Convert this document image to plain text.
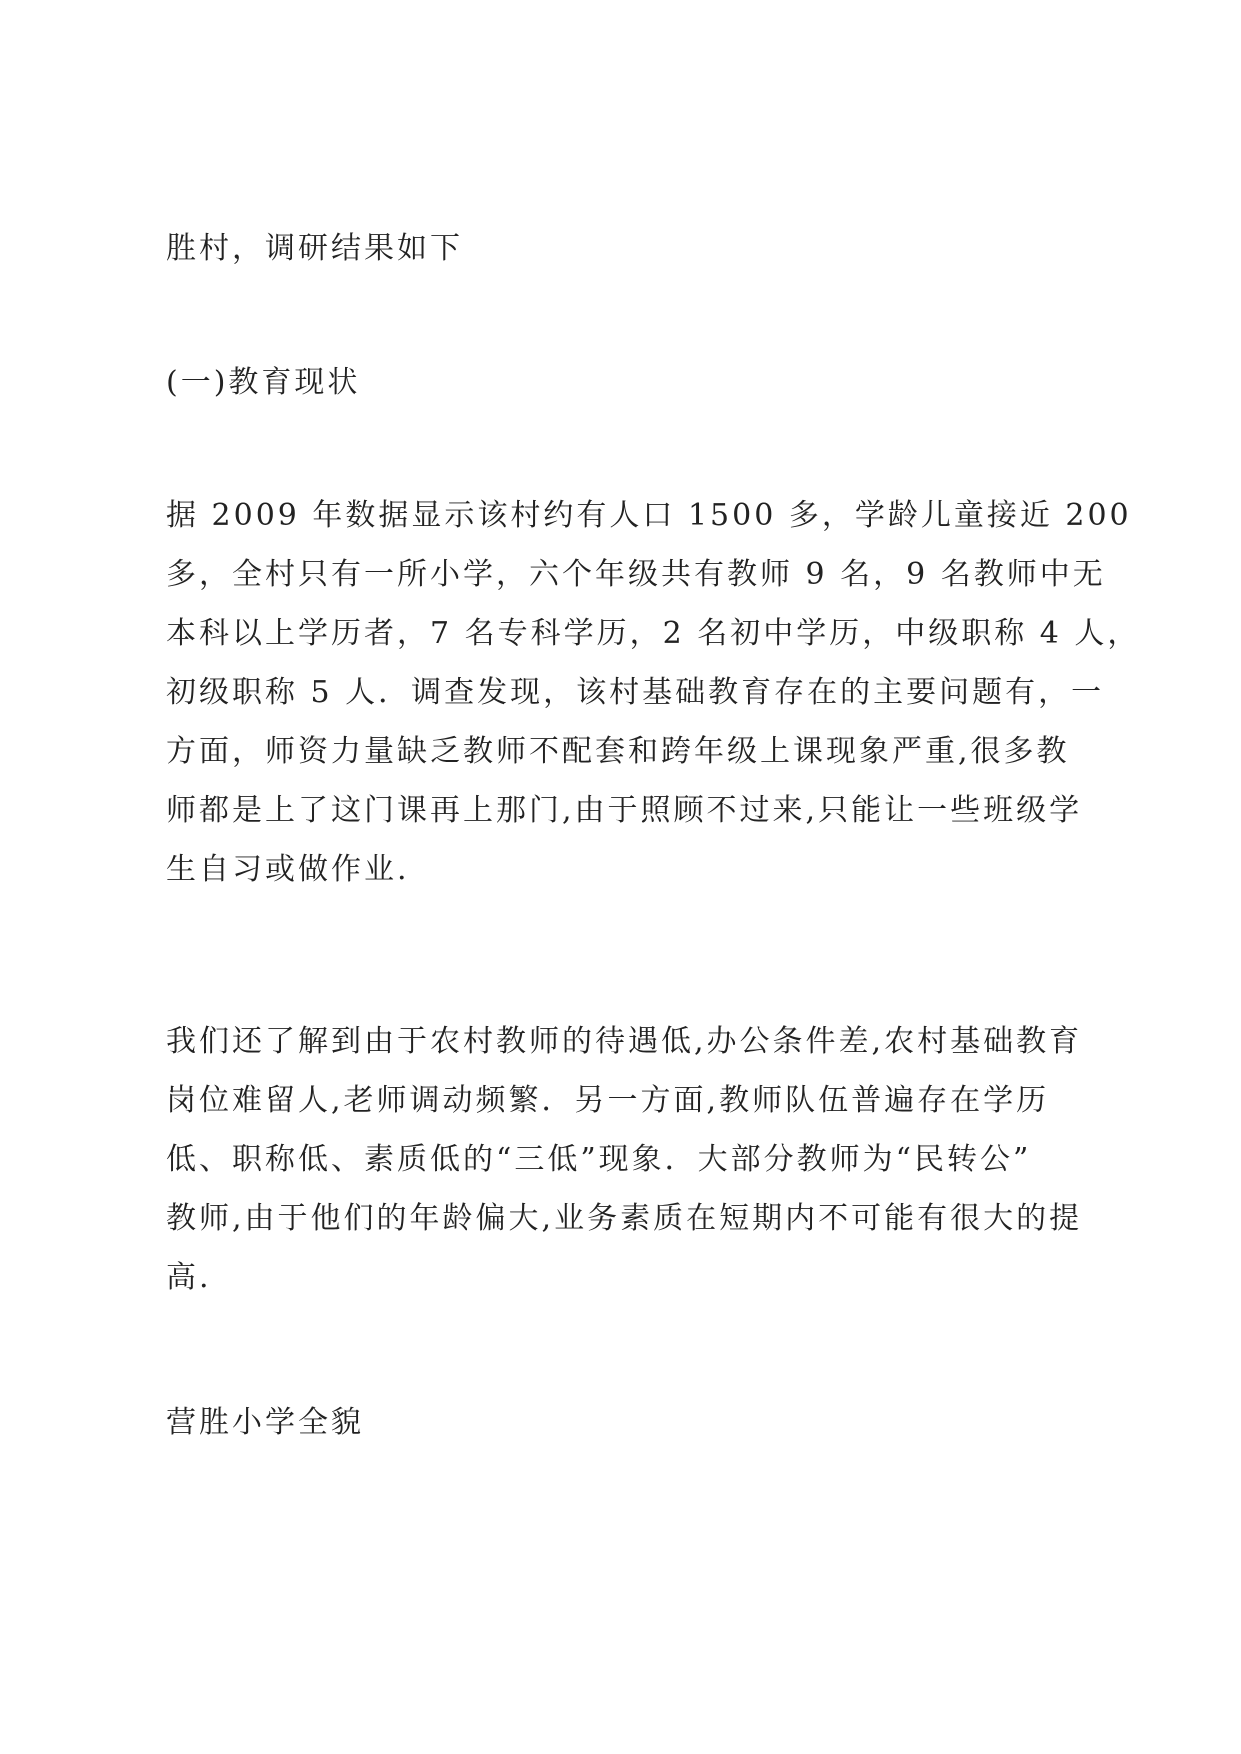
胜村，调研结果如下
(一)教育现状
据 2009 年数据显示该村约有人口 1500 多，学龄儿童接近 200
多，全村只有一所小学，六个年级共有教师 9 名，9 名教师中无
本科以上学历者，7 名专科学历，2 名初中学历，中级职称 4 人，
初级职称 5 人．调查发现，该村基础教育存在的主要问题有，一
方面，师资力量缺乏教师不配套和跨年级上课现象严重,很多教
师都是上了这门课再上那门,由于照顾不过来,只能让一些班级学
生自习或做作业.
我们还了解到由于农村教师的待遇低,办公条件差,农村基础教育
岗位难留人,老师调动频繁．另一方面,教师队伍普遍存在学历
低、职称低、素质低的“三低”现象．大部分教师为“民转公”
教师,由于他们的年龄偏大,业务素质在短期内不可能有很大的提
高.
营胜小学全貌
